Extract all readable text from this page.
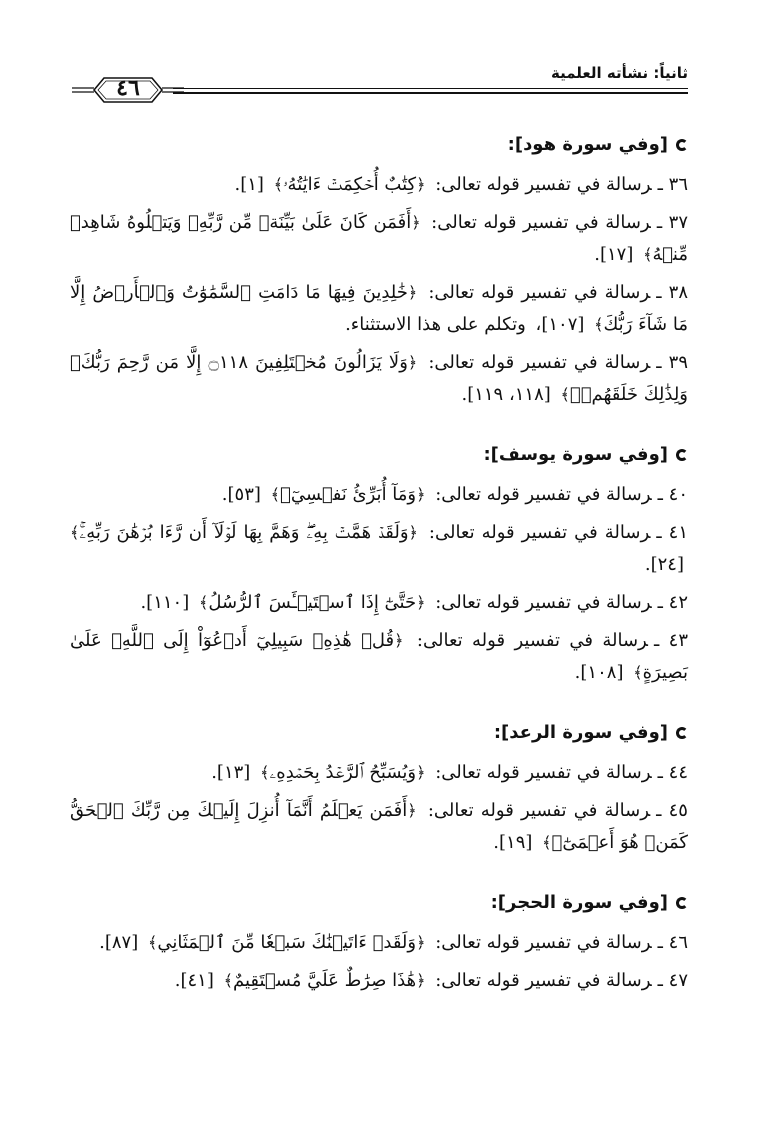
ثانياً: نشأته العلمية
٤٦
[وفي سورة هود]:

٣٦ ـرسالة في تفسير قوله تعالى: ﴿كِتَٰبٌ أُحۡكِمَتۡ ءَايَٰتُهُۥ﴾ [١].

٣٧ ـرسالة في تفسير قوله تعالى: ﴿أَفَمَن كَانَ عَلَىٰ بَيِّنَةٖ مِّن رَّبِّهِۦ وَيَتۡلُوهُ شَاهِدٞ مِّنۡهُ﴾ [١٧].

٣٨ ـرسالة في تفسير قوله تعالى: ﴿خَٰلِدِينَ فِيهَا مَا دَامَتِ ٱلسَّمَٰوَٰتُ وَٱلۡأَرۡضُ إِلَّا مَا شَآءَ رَبُّكَ﴾ [١٠٧]، وتكلم على هذا الاستثناء.

٣٩ ـرسالة في تفسير قوله تعالى: ﴿وَلَا يَزَالُونَ مُخۡتَلِفِينَ ۝١١٨ إِلَّا مَن رَّحِمَ رَبُّكَۚ وَلِذَٰلِكَ خَلَقَهُمۡۗ﴾ [١١٨، ١١٩].

[وفي سورة يوسف]:

٤٠ ـرسالة في تفسير قوله تعالى: ﴿وَمَآ أُبَرِّئُ نَفۡسِيٓۚ﴾ [٥٣].

٤١ ـرسالة في تفسير قوله تعالى: ﴿وَلَقَدۡ هَمَّتۡ بِهِۦۖ وَهَمَّ بِهَا لَوۡلَآ أَن رَّءَا بُرۡهَٰنَ رَبِّهِۦۚ﴾ [٢٤].

٤٢ ـرسالة في تفسير قوله تعالى: ﴿حَتَّىٰٓ إِذَا ٱسۡتَيۡـَٔسَ ٱلرُّسُلُ﴾ [١١٠].

٤٣ ـرسالة في تفسير قوله تعالى: ﴿قُلۡ هَٰذِهِۦ سَبِيلِيٓ أَدۡعُوٓاْ إِلَى ٱللَّهِۚ عَلَىٰ بَصِيرَةٍ﴾ [١٠٨].

[وفي سورة الرعد]:

٤٤ ـرسالة في تفسير قوله تعالى: ﴿وَيُسَبِّحُ ٱلرَّعۡدُ بِحَمۡدِهِۦ﴾ [١٣].

٤٥ ـرسالة في تفسير قوله تعالى: ﴿أَفَمَن يَعۡلَمُ أَنَّمَآ أُنزِلَ إِلَيۡكَ مِن رَّبِّكَ ٱلۡحَقُّ كَمَنۡ هُوَ أَعۡمَىٰٓۚ﴾ [١٩].

[وفي سورة الحجر]:

٤٦ ـرسالة في تفسير قوله تعالى: ﴿وَلَقَدۡ ءَاتَيۡنَٰكَ سَبۡعٗا مِّنَ ٱلۡمَثَانِي﴾ [٨٧].

٤٧ ـرسالة في تفسير قوله تعالى: ﴿هَٰذَا صِرَٰطٌ عَلَيَّ مُسۡتَقِيمٌ﴾ [٤١].
